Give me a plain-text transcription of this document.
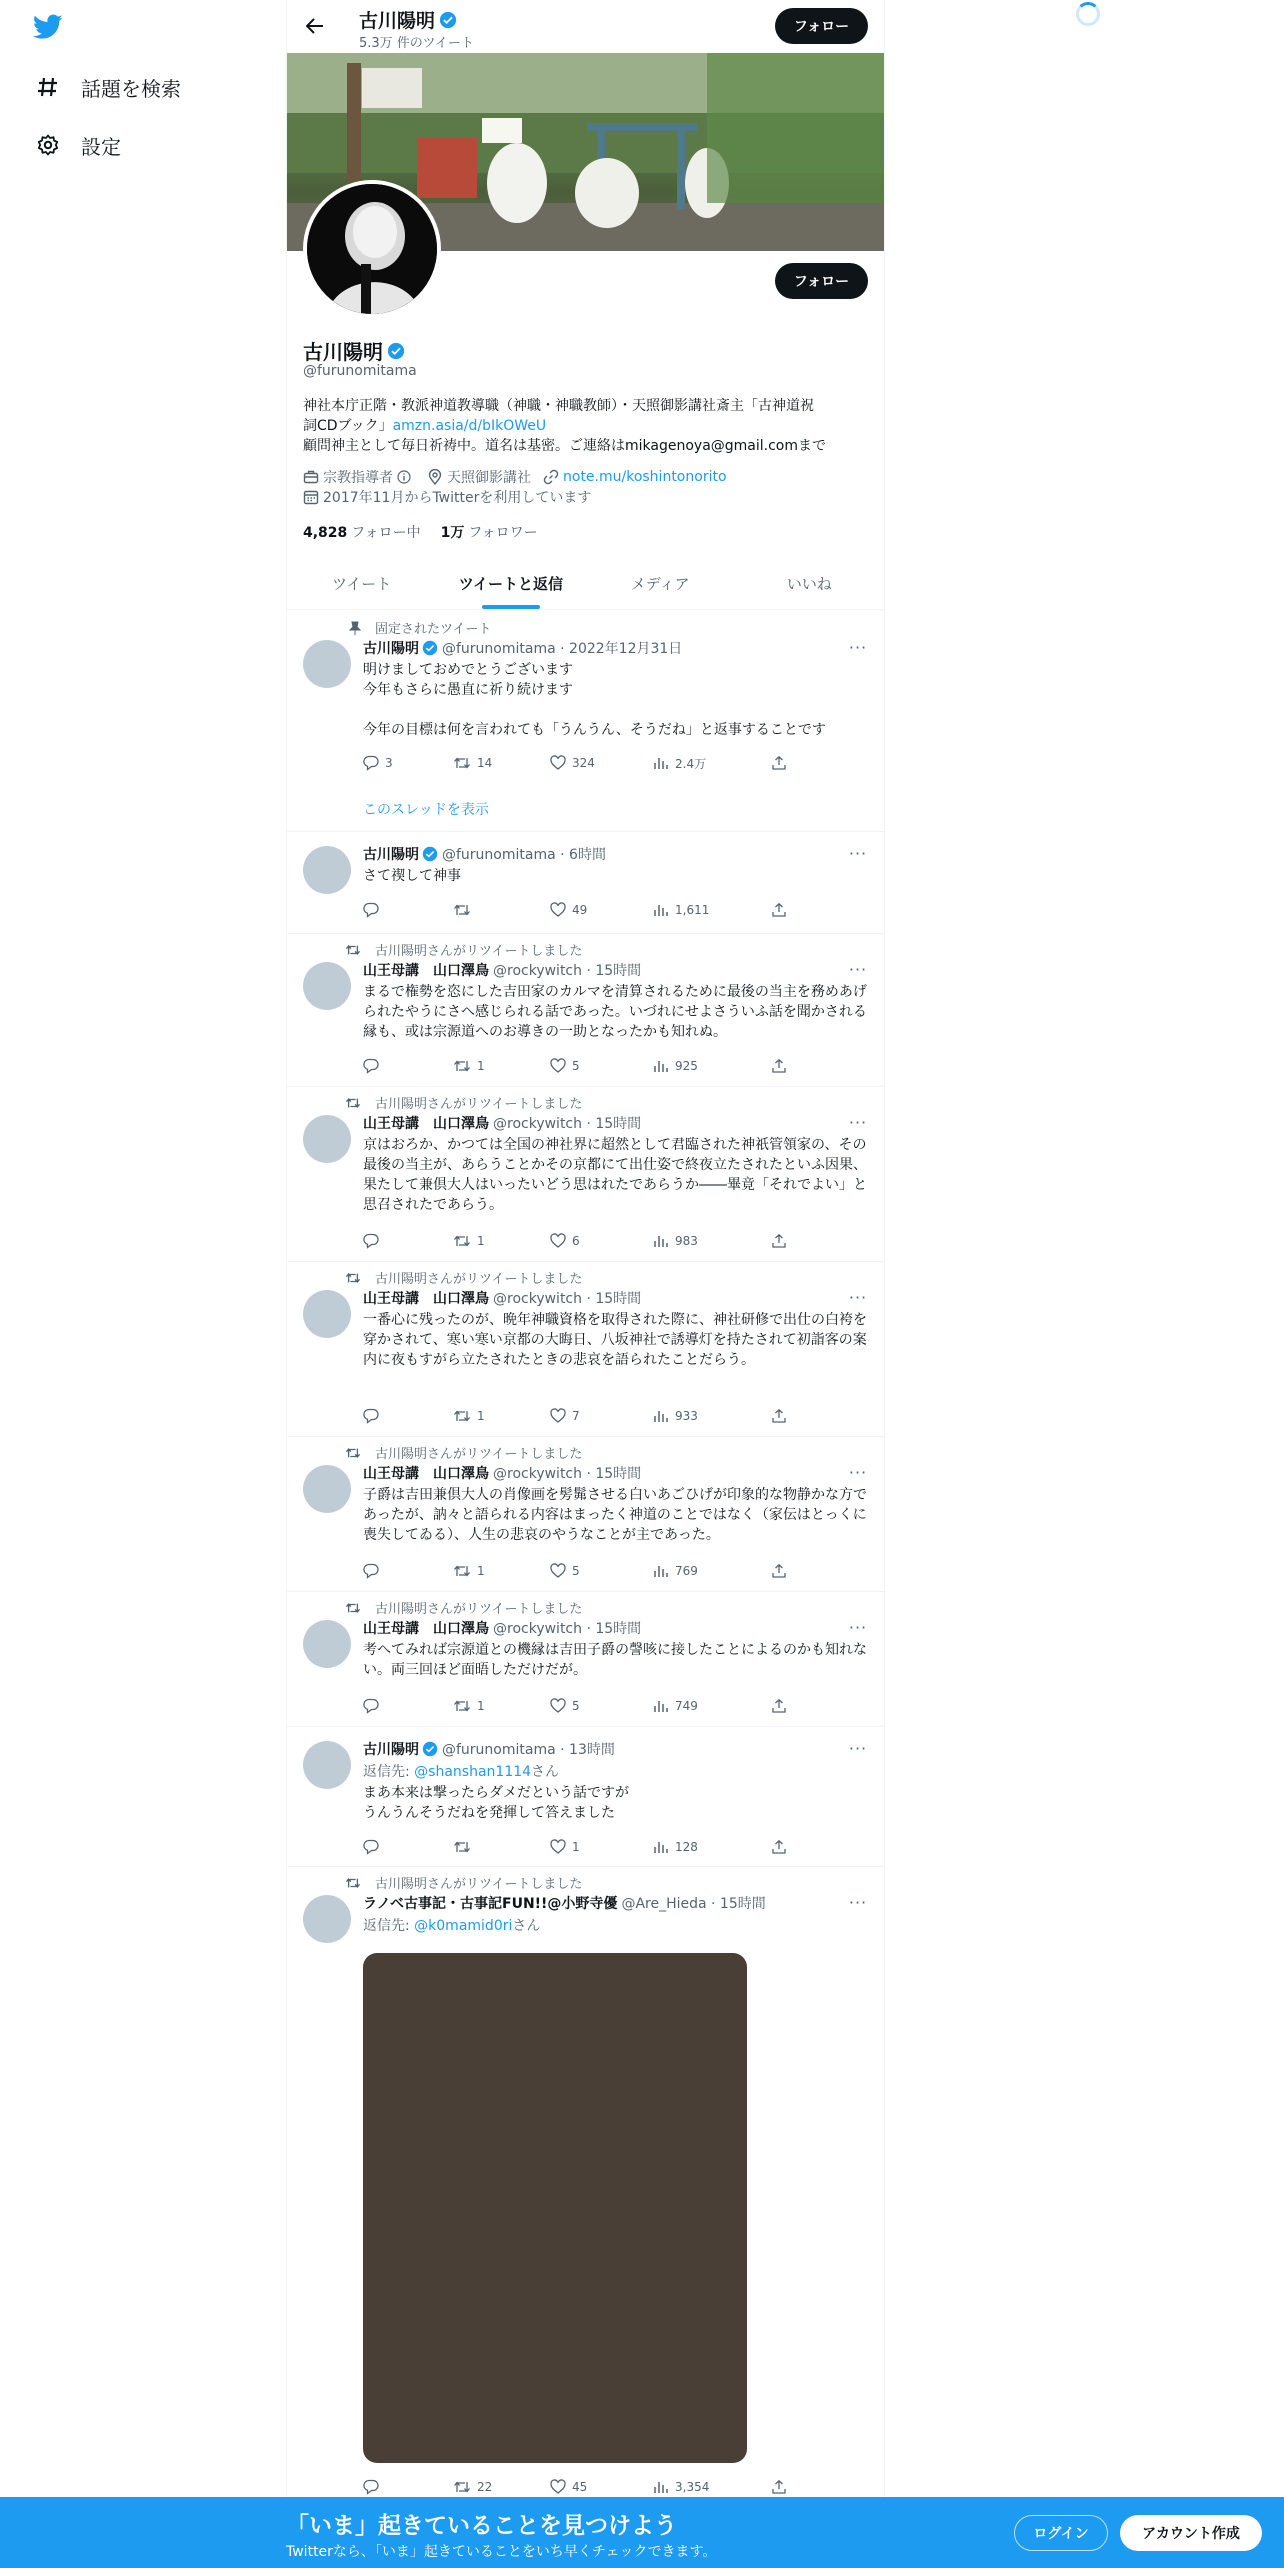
話題を検索
設定
古川陽明
5.3万 件のツイート
フォロー
フォロー
古川陽明
@furunomitama
神社本庁正階・教派神道教導職（神職・神職教師）・天照御影講社斎主「古神道祝
詞CDブック」amzn.asia/d/bIkOWeU
顧問神主として毎日祈祷中。道名は基密。ご連絡はmikagenoya@gmail.comまで
宗教指導者	天照御影講社 note.mu/koshintonorito
2017年11月からTwitterを利用しています
4,828 フォロー中 1万 フォロワー
ツイート	ツイートと返信	メディア	いいね
固定されたツイート
古川陽明 @furunomitama · 2022年12月31日	···
明けましておめでとうございます
今年もさらに愚直に祈り続けます

今年の目標は何を言われても「うんうん、そうだね」と返事することです
3	14	324	2.4万
このスレッドを表示
古川陽明 @furunomitama · 6時間	···
さて禊して神事
49	1,611
古川陽明さんがリツイートしました
山王母講　山口澤鳥 @rockywitch · 15時間	···
まるで権勢を恣にした吉田家のカルマを清算されるために最後の当主を務めあげられたやうにさへ感じられる話であった。いづれにせよさういふ話を聞かされる縁も、或は宗源道へのお導きの一助となったかも知れぬ。
1	5	925
古川陽明さんがリツイートしました
山王母講　山口澤鳥 @rockywitch · 15時間	···
京はおろか、かつては全国の神社界に超然として君臨された神祇管領家の、その最後の当主が、あらうことかその京都にて出仕姿で終夜立たされたといふ因果、果たして兼倶大人はいったいどう思はれたであらうか――畢竟「それでよい」と思召されたであらう。
1	6	983
古川陽明さんがリツイートしました
山王母講　山口澤鳥 @rockywitch · 15時間	···
一番心に残ったのが、晩年神職資格を取得された際に、神社研修で出仕の白袴を穿かされて、寒い寒い京都の大晦日、八坂神社で誘導灯を持たされて初詣客の案内に夜もすがら立たされたときの悲哀を語られたことだらう。
1	7	933
古川陽明さんがリツイートしました
山王母講　山口澤鳥 @rockywitch · 15時間	···
子爵は吉田兼倶大人の肖像画を髣髴させる白いあごひげが印象的な物静かな方であったが、訥々と語られる内容はまったく神道のことではなく（家伝はとっくに喪失してゐる）、人生の悲哀のやうなことが主であった。
1	5	769
古川陽明さんがリツイートしました
山王母講　山口澤鳥 @rockywitch · 15時間	···
考へてみれば宗源道との機縁は吉田子爵の謦咳に接したことによるのかも知れない。両三回ほど面晤しただけだが。
1	5	749
古川陽明 @furunomitama · 13時間	···
返信先: @shanshan1114さん
まあ本来は撃ったらダメだという話ですが
うんうんそうだねを発揮して答えました
1	128
古川陽明さんがリツイートしました
ラノベ古事記・古事記FUN!!@小野寺優 @Are_Hieda · 15時間	···
返信先: @k0mamid0riさん
22	45	3,354
「いま」起きていることを見つけよう
Twitterなら、「いま」起きていることをいち早くチェックできます。
ログイン	アカウント作成
